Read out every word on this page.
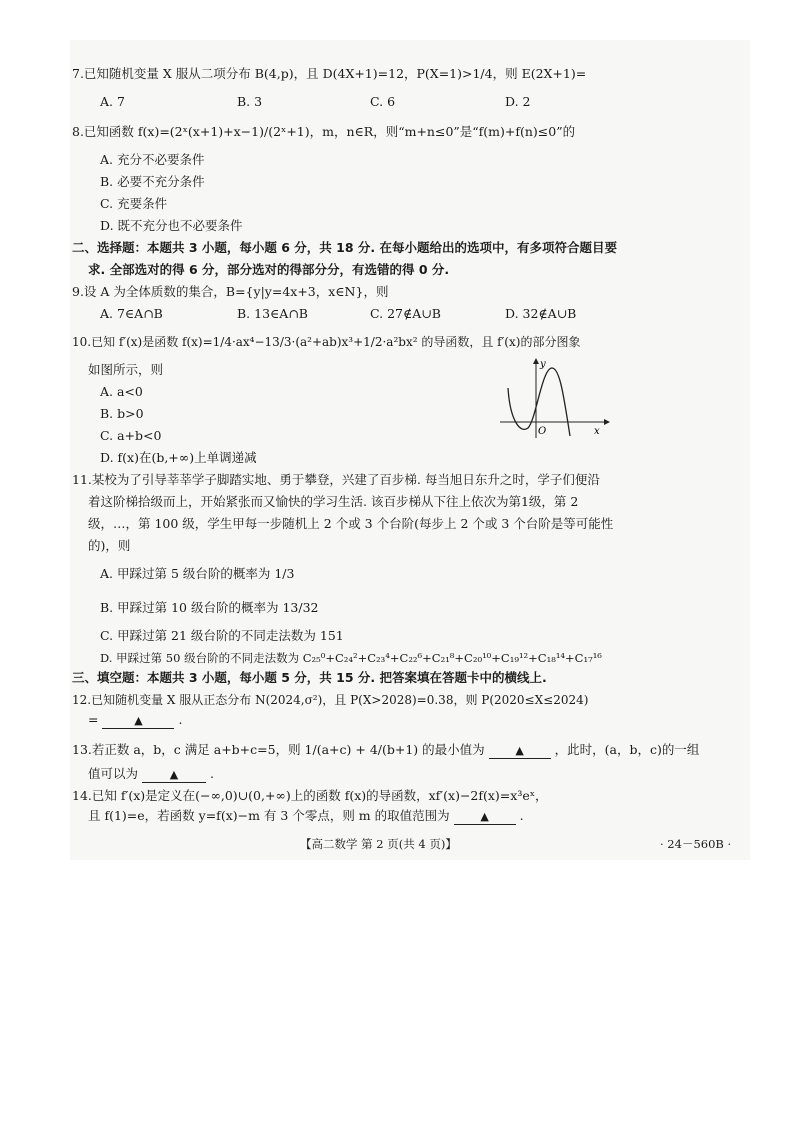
7.已知随机变量 X 服从二项分布 B(4,p)，且 D(4X+1)=12，P(X=1)>1/4，则 E(2X+1)=
A. 7	B. 3	C. 6	D. 2
8.已知函数 f(x)=(2ˣ(x+1)+x−1)/(2ˣ+1)，m，n∈R，则“m+n≤0”是“f(m)+f(n)≤0”的
A. 充分不必要条件
B. 必要不充分条件
C. 充要条件
D. 既不充分也不必要条件
二、选择题：本题共 3 小题，每小题 6 分，共 18 分. 在每小题给出的选项中，有多项符合题目要
求. 全部选对的得 6 分，部分选对的得部分分，有选错的得 0 分.
9.设 A 为全体质数的集合，B={y|y=4x+3，x∈N}，则
A. 7∈A∩B	B. 13∈A∩B	C. 27∉A∪B	D. 32∉A∪B
10.已知 f′(x)是函数 f(x)=1/4·ax⁴−13/3·(a²+ab)x³+1/2·a²bx² 的导函数，且 f′(x)的部分图象
如图所示，则
A. a<0
B. b>0
C. a+b<0
D. f(x)在(b,+∞)上单调递减
y
x
O
11.某校为了引导莘莘学子脚踏实地、勇于攀登，兴建了百步梯. 每当旭日东升之时，学子们便沿
着这阶梯拾级而上，开始紧张而又愉快的学习生活. 该百步梯从下往上依次为第1级，第 2
级，…，第 100 级，学生甲每一步随机上 2 个或 3 个台阶(每步上 2 个或 3 个台阶是等可能性
的)，则
A. 甲踩过第 5 级台阶的概率为 1/3
B. 甲踩过第 10 级台阶的概率为 13/32
C. 甲踩过第 21 级台阶的不同走法数为 151
D. 甲踩过第 50 级台阶的不同走法数为 C₂₅⁰+C₂₄²+C₂₃⁴+C₂₂⁶+C₂₁⁸+C₂₀¹⁰+C₁₉¹²+C₁₈¹⁴+C₁₇¹⁶
三、填空题：本题共 3 小题，每小题 5 分，共 15 分. 把答案填在答题卡中的横线上.
12.已知随机变量 X 服从正态分布 N(2024,σ²)，且 P(X>2028)=0.38，则 P(2020≤X≤2024)
=	▲	.
13.若正数 a，b，c 满足 a+b+c=5，则 1/(a+c) + 4/(b+1) 的最小值为	▲ ，此时，(a，b，c)的一组
值可以为	▲	.
14.已知 f′(x)是定义在(−∞,0)∪(0,+∞)上的函数 f(x)的导函数，xf′(x)−2f(x)=x³eˣ，
且 f(1)=e，若函数 y=f(x)−m 有 3 个零点，则 m 的取值范围为	▲ .
【高二数学 第 2 页(共 4 页)】	· 24－560B ·
